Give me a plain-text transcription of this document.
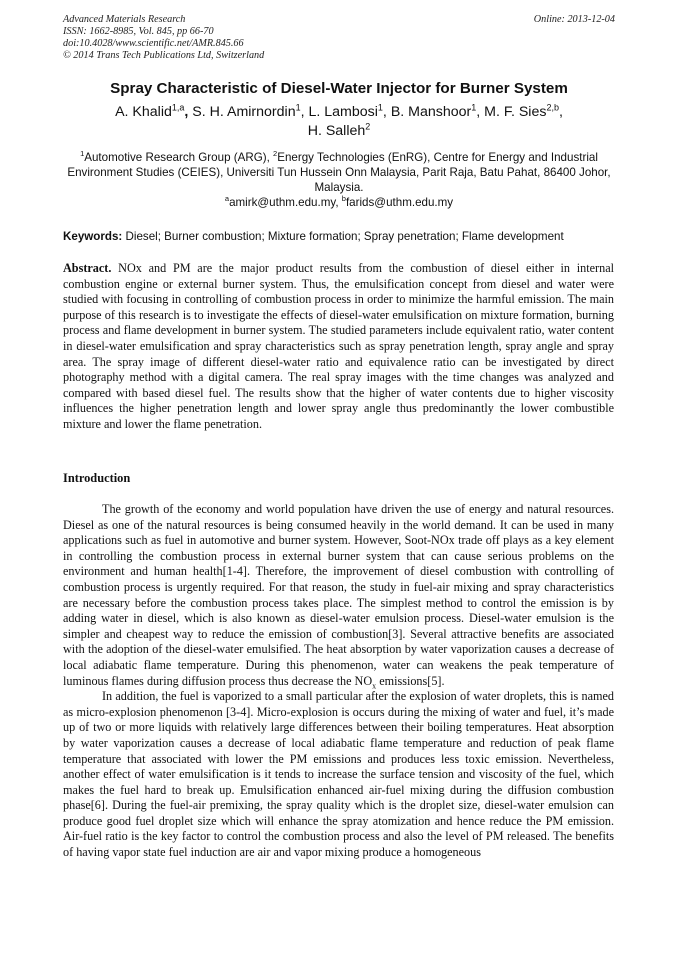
Advanced Materials Research
ISSN: 1662-8985, Vol. 845, pp 66-70
doi:10.4028/www.scientific.net/AMR.845.66
© 2014 Trans Tech Publications Ltd, Switzerland
Online: 2013-12-04
Spray Characteristic of Diesel-Water Injector for Burner System
A. Khalid$^{1,a}$, S. H. Amirnordin$^1$, L. Lambosi$^1$, B. Manshoor$^1$, M. F. Sies$^{2,b}$,
H. Salleh$^2$
$^1$Automotive Research Group (ARG), $^2$Energy Technologies (EnRG), Centre for Energy and Industrial Environment Studies (CEIES), Universiti Tun Hussein Onn Malaysia, Parit Raja, Batu Pahat, 86400 Johor, Malaysia.
$^a$amirk@uthm.edu.my, $^b$farids@uthm.edu.my
Keywords: Diesel; Burner combustion; Mixture formation; Spray penetration; Flame development
Abstract. NOx and PM are the major product results from the combustion of diesel either in internal combustion engine or external burner system. Thus, the emulsification concept from diesel and water were studied with focusing in controlling of combustion process in order to minimize the harmful emission. The main purpose of this research is to investigate the effects of diesel-water emulsification on mixture formation, burning process and flame development in burner system. The studied parameters include equivalent ratio, water content in diesel-water emulsification and spray characteristics such as spray penetration length, spray angle and spray area. The spray image of different diesel-water ratio and equivalence ratio can be investigated by direct photography method with a digital camera. The real spray images with the time changes was analyzed and compared with based diesel fuel. The results show that the higher of water contents due to higher viscosity influences the higher penetration length and lower spray angle thus predominantly the lower combustible mixture and lower the flame penetration.
Introduction

The growth of the economy and world population have driven the use of energy and natural resources. Diesel as one of the natural resources is being consumed heavily in the world demand. It can be used in many applications such as fuel in automotive and burner system. However, Soot-NOx trade off plays as a key element in controlling the combustion process in external burner system that can cause serious problems on the environment and human health[1-4]. Therefore, the improvement of diesel combustion with controlling of combustion process is urgently required. For that reason, the study in fuel-air mixing and spray characteristics are necessary before the combustion process takes place. The simplest method to control the emission is by adding water in diesel, which is also known as diesel-water emulsion process. Diesel-water emulsion is the simpler and cheapest way to reduce the emission of combustion[3]. Several attractive benefits are associated with the adoption of the diesel-water emulsified. The heat absorption by water vaporization causes a decrease of local adiabatic flame temperature. During this phenomenon, water can weakens the peak temperature of luminous flames during diffusion process thus decrease the $NO_x$ emissions[5].

In addition, the fuel is vaporized to a small particular after the explosion of water droplets, this is named as micro-explosion phenomenon [3-4]. Micro-explosion is occurs during the mixing of water and fuel, it’s made up of two or more liquids with relatively large differences between their boiling temperatures. Heat absorption by water vaporization causes a decrease of local adiabatic flame temperature and reduction of peak flame temperature that associated with lower the PM emissions and produces less toxic emission. Nevertheless, another effect of water emulsification is it tends to increase the surface tension and viscosity of the fuel, which makes the fuel hard to break up. Emulsification enhanced air-fuel mixing during the diffusion combustion phase[6]. During the fuel-air premixing, the spray quality which is the droplet size, diesel-water emulsion can produce good fuel droplet size which will enhance the spray atomization and hence reduce the PM emission. Air-fuel ratio is the key factor to control the combustion process and also the level of PM released. The benefits of having vapor state fuel induction are air and vapor mixing produce a homogeneous
